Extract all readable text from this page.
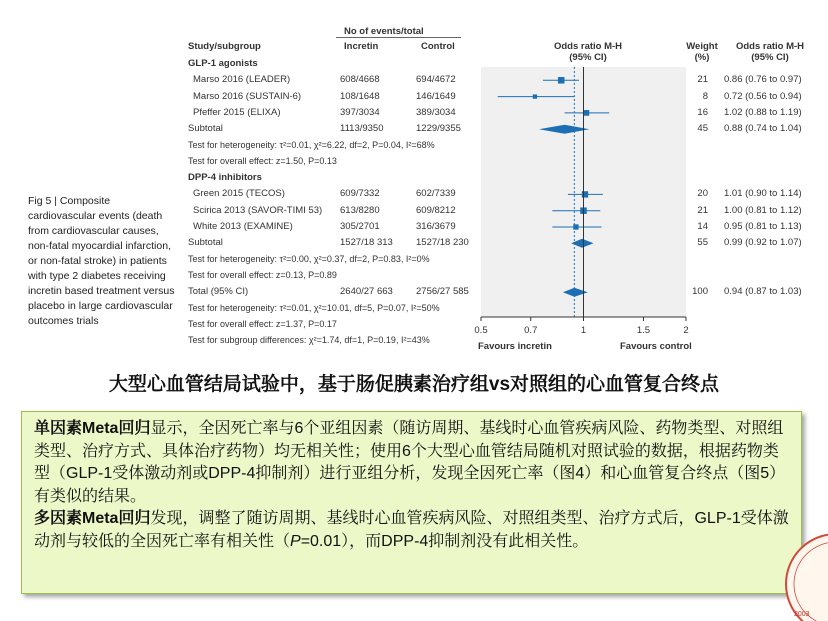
No of events/total
Study/subgroup	Incretin	Control	Odds ratio M-H
(95% CI)
Weight
(%)
Odds ratio M-H
(95% CI)
GLP-1 agonists
Marso 2016 (LEADER)	608/4668	694/4672	21 0.86 (0.76 to 0.97)
Marso 2016 (SUSTAIN-6)	108/1648	146/1649	8 0.72 (0.56 to 0.94)
Pfeffer 2015 (ELIXA)	397/3034	389/3034	16 1.02 (0.88 to 1.19)
Subtotal	1113/9350	1229/9355	45 0.88 (0.74 to 1.04)
Test for heterogeneity: τ²=0.01, χ²=6.22, df=2, P=0.04, I²=68%
Test for overall effect: z=1.50, P=0.13
DPP-4 inhibitors
Green 2015 (TECOS)	609/7332	602/7339	20 1.01 (0.90 to 1.14)
Scirica 2013 (SAVOR-TIMI 53) 613/8280	609/8212	21 1.00 (0.81 to 1.12)
White 2013 (EXAMINE)	305/2701	316/3679	14 0.95 (0.81 to 1.13)
Subtotal	1527/18 313 1527/18 230	55 0.99 (0.92 to 1.07)
Test for heterogeneity: τ²=0.00, χ²=0.37, df=2, P=0.83, I²=0%
Test for overall effect: z=0.13, P=0.89
Total (95% CI)	2640/27 663 2756/27 585	100 0.94 (0.87 to 1.03)
Test for heterogeneity: τ²=0.01, χ²=10.01, df=5, P=0.07, I²=50%
Test for overall effect: z=1.37, P=0.17
Test for subgroup differences: χ²=1.74, df=1, P=0.19, I²=43%
0.5	0.7	1	1.5	2
Favours incretin	Favours control
Fig 5 | Composite cardiovascular events (death from cardiovascular causes, non-fatal myocardial infarction, or non-fatal stroke) in patients with type 2 diabetes receiving incretin based treatment versus placebo in large cardiovascular outcomes trials
大型心血管结局试验中，基于肠促胰素治疗组vs对照组的心血管复合终点
单因素Meta回归显示，全因死亡率与6个亚组因素（随访周期、基线时心血管疾病风险、药物类型、对照组类型、治疗方式、具体治疗药物）均无相关性；使用6个大型心血管结局随机对照试验的数据，根据药物类型（GLP-1受体激动剂或DPP-4抑制剂）进行亚组分析，发现全因死亡率（图4）和心血管复合终点（图5）有类似的结果。
多因素Meta回归发现，调整了随访周期、基线时心血管疾病风险、对照组类型、治疗方式后，GLP-1受体激动剂与较低的全因死亡率有相关性（P=0.01），而DPP-4抑制剂没有此相关性。
2003
